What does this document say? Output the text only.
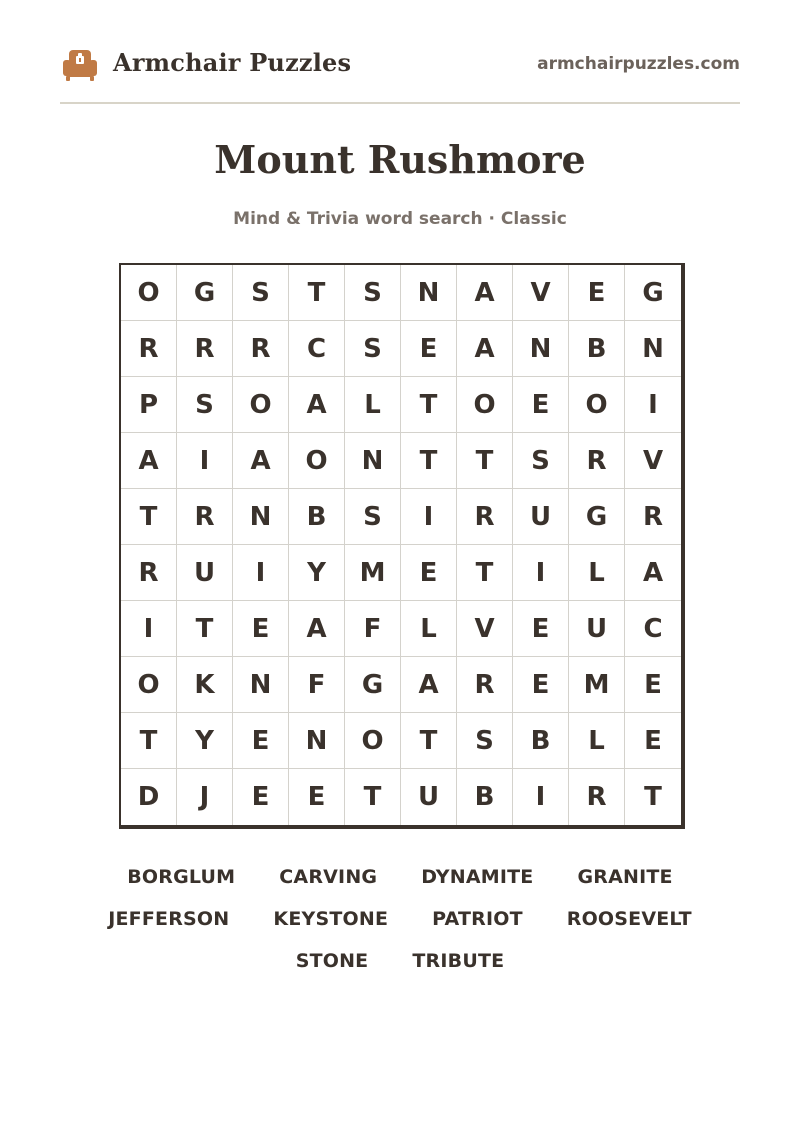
Armchair Puzzles	armchairpuzzles.com
Mount Rushmore
Mind & Trivia word search · Classic
O	G	S	T	S	N	A	V	E	G
R	R	R	C	S	E	A	N	B	N
P	S	O	A	L	T	O	E	O	I
A	I	A	O	N	T	T	S	R	V
T	R	N	B	S	I	R	U	G	R
R	U	I	Y	M	E	T	I	L	A
I	T	E	A	F	L	V	E	U	C
O	K	N	F	G	A	R	E	M	E
T	Y	E	N	O	T	S	B	L	E
D	J	E	E	T	U	B	I	R	T
BORGLUM CARVING DYNAMITE GRANITE
JEFFERSON KEYSTONE PATRIOT ROOSEVELT
STONE TRIBUTE
